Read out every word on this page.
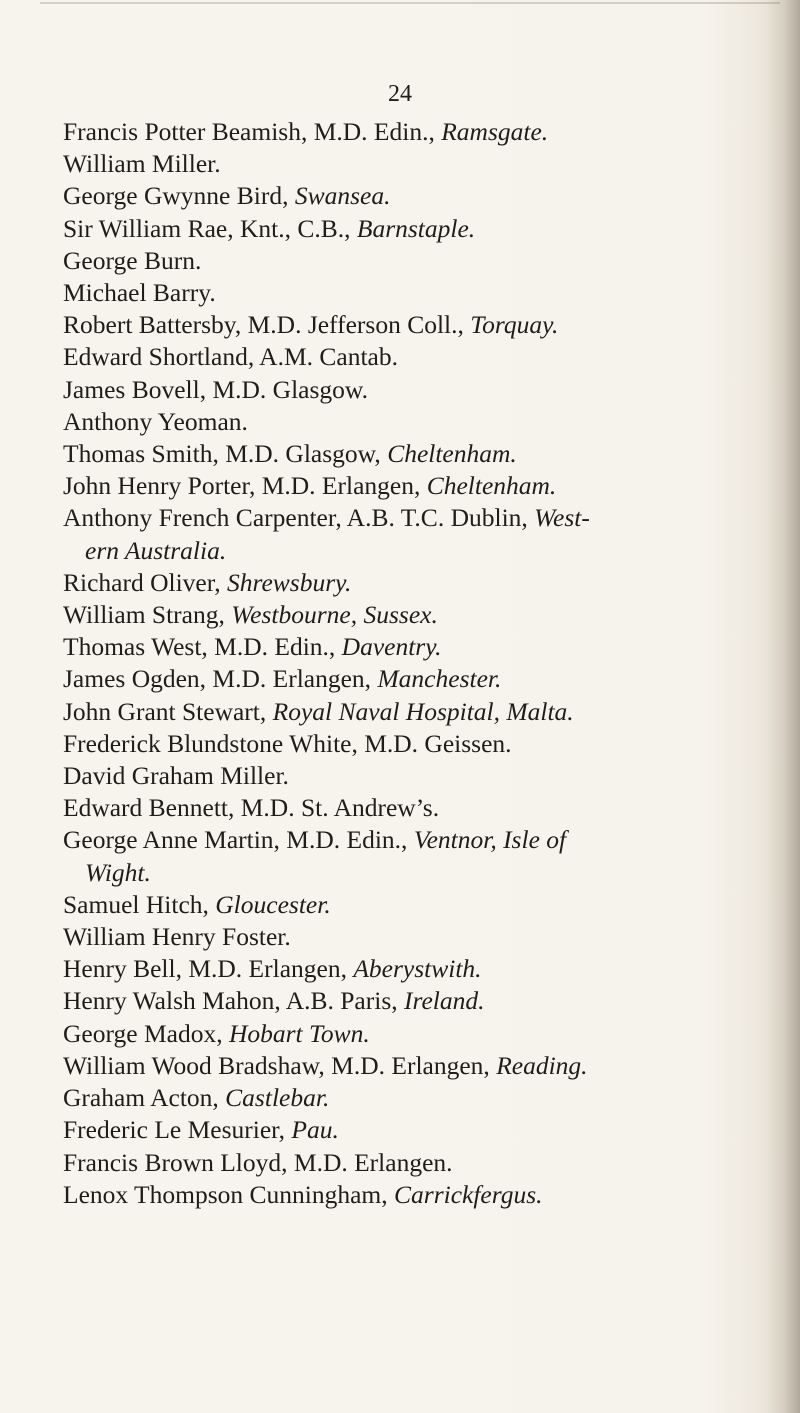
24
Francis Potter Beamish, M.D. Edin., Ramsgate.
William Miller.
George Gwynne Bird, Swansea.
Sir William Rae, Knt., C.B., Barnstaple.
George Burn.
Michael Barry.
Robert Battersby, M.D. Jefferson Coll., Torquay.
Edward Shortland, A.M. Cantab.
James Bovell, M.D. Glasgow.
Anthony Yeoman.
Thomas Smith, M.D. Glasgow, Cheltenham.
John Henry Porter, M.D. Erlangen, Cheltenham.
Anthony French Carpenter, A.B. T.C. Dublin, West-
ern Australia.
Richard Oliver, Shrewsbury.
William Strang, Westbourne, Sussex.
Thomas West, M.D. Edin., Daventry.
James Ogden, M.D. Erlangen, Manchester.
John Grant Stewart, Royal Naval Hospital, Malta.
Frederick Blundstone White, M.D. Geissen.
David Graham Miller.
Edward Bennett, M.D. St. Andrew’s.
George Anne Martin, M.D. Edin., Ventnor, Isle of
Wight.
Samuel Hitch, Gloucester.
William Henry Foster.
Henry Bell, M.D. Erlangen, Aberystwith.
Henry Walsh Mahon, A.B. Paris, Ireland.
George Madox, Hobart Town.
William Wood Bradshaw, M.D. Erlangen, Reading.
Graham Acton, Castlebar.
Frederic Le Mesurier, Pau.
Francis Brown Lloyd, M.D. Erlangen.
Lenox Thompson Cunningham, Carrickfergus.
